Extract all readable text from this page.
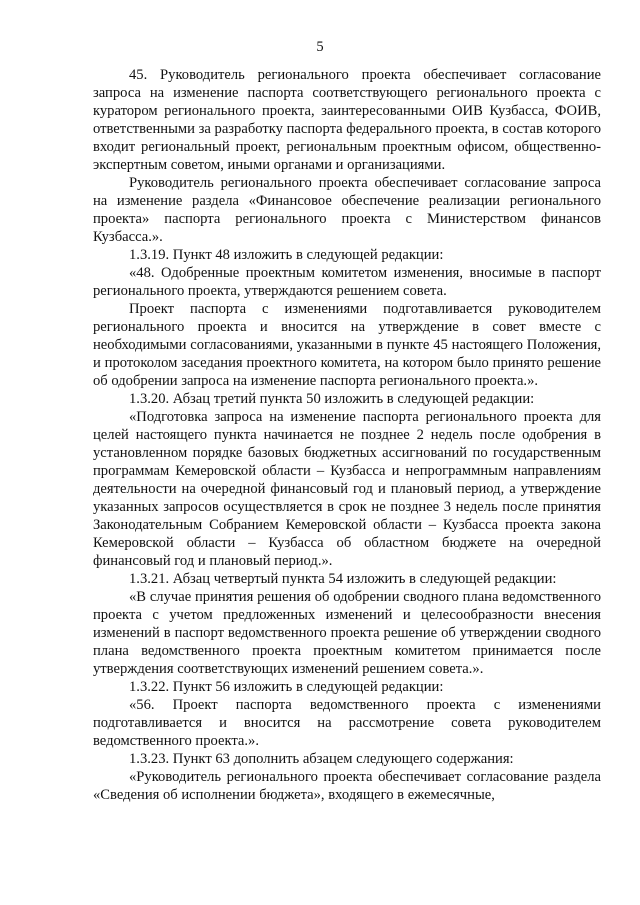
5

45. Руководитель регионального проекта обеспечивает согласование запроса на изменение паспорта соответствующего регионального проекта с куратором регионального проекта, заинтересованными ОИВ Кузбасса, ФОИВ, ответственными за разработку паспорта федерального проекта, в состав которого входит региональный проект, региональным проектным офисом, общественно-экспертным советом, иными органами и организациями.

Руководитель регионального проекта обеспечивает согласование запроса на изменение раздела «Финансовое обеспечение реализации регионального проекта» паспорта регионального проекта с Министерством финансов Кузбасса.».

1.3.19. Пункт 48 изложить в следующей редакции:

«48. Одобренные проектным комитетом изменения, вносимые в паспорт регионального проекта, утверждаются решением совета.

Проект паспорта с изменениями подготавливается руководителем регионального проекта и вносится на утверждение в совет вместе с необходимыми согласованиями, указанными в пункте 45 настоящего Положения, и протоколом заседания проектного комитета, на котором было принято решение об одобрении запроса на изменение паспорта регионального проекта.».

1.3.20. Абзац третий пункта 50 изложить в следующей редакции:

«Подготовка запроса на изменение паспорта регионального проекта для целей настоящего пункта начинается не позднее 2 недель после одобрения в установленном порядке базовых бюджетных ассигнований по государственным программам Кемеровской области – Кузбасса и непрограммным направлениям деятельности на очередной финансовый год и плановый период, а утверждение указанных запросов осуществляется в срок не позднее 3 недель после принятия Законодательным Собранием Кемеровской области – Кузбасса проекта закона Кемеровской области – Кузбасса об областном бюджете на очередной финансовый год и плановый период.».

1.3.21. Абзац четвертый пункта 54 изложить в следующей редакции:

«В случае принятия решения об одобрении сводного плана ведомственного проекта с учетом предложенных изменений и целесообразности внесения изменений в паспорт ведомственного проекта решение об утверждении сводного плана ведомственного проекта проектным комитетом принимается после утверждения соответствующих изменений решением совета.».

1.3.22. Пункт 56 изложить в следующей редакции:

«56. Проект паспорта ведомственного проекта с изменениями подготавливается и вносится на рассмотрение совета руководителем ведомственного проекта.».

1.3.23. Пункт 63 дополнить абзацем следующего содержания:

«Руководитель регионального проекта обеспечивает согласование раздела «Сведения об исполнении бюджета», входящего в ежемесячные,
